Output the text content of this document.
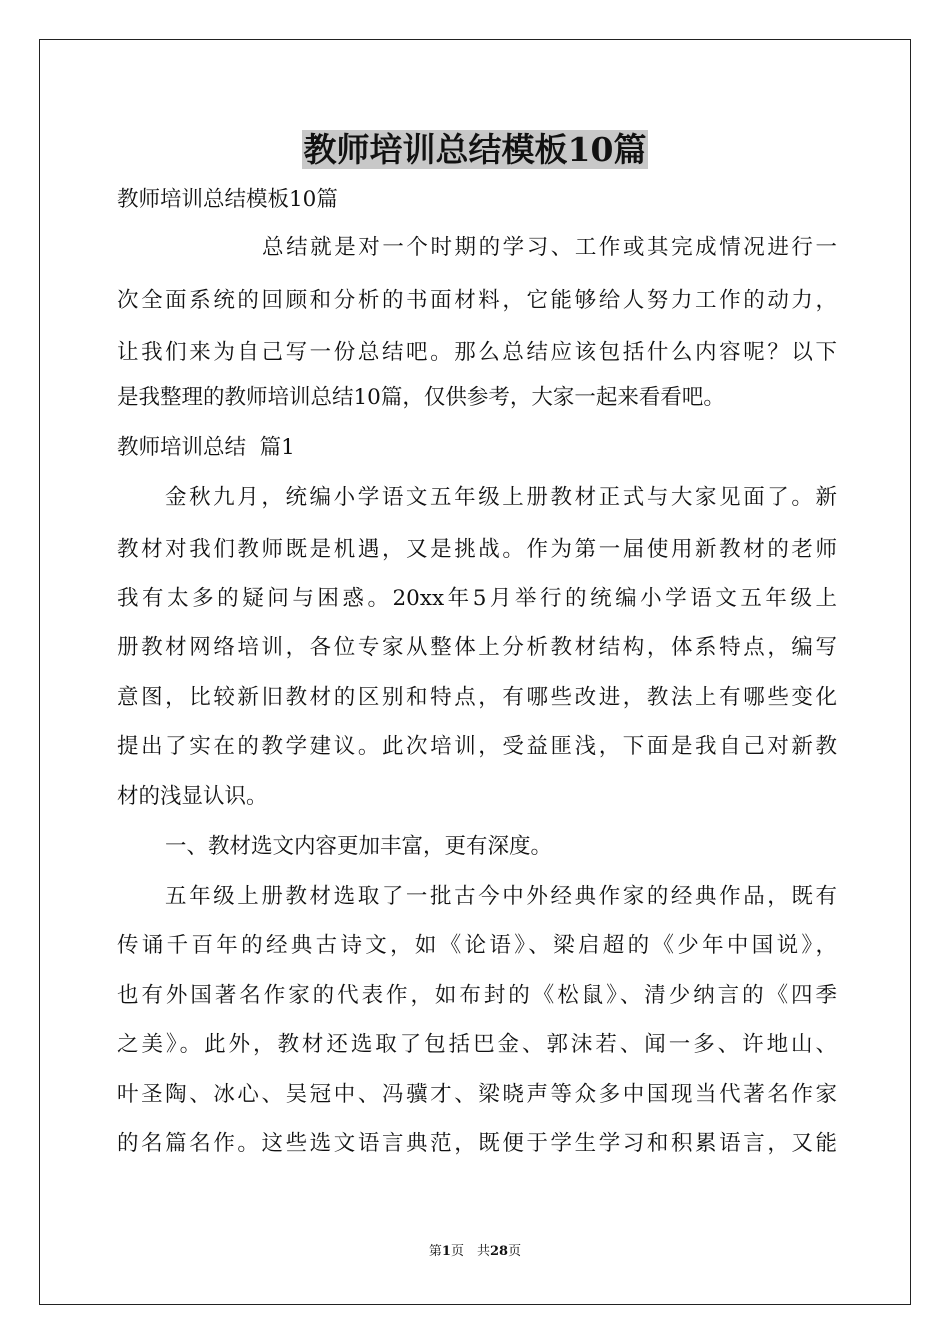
教师培训总结模板10篇

教师培训总结模板10篇

总结就是对一个时期的学习、工作或其完成情况进行一

次全面系统的回顾和分析的书面材料，它能够给人努力工作的动力，

让我们来为自己写一份总结吧。那么总结应该包括什么内容呢？以下

是我整理的教师培训总结10篇，仅供参考，大家一起来看看吧。

教师培训总结  篇1

金秋九月，统编小学语文五年级上册教材正式与大家见面了。新

教材对我们教师既是机遇，又是挑战。作为第一届使用新教材的老师

我有太多的疑问与困惑。20xx年5月举行的统编小学语文五年级上

册教材网络培训，各位专家从整体上分析教材结构，体系特点，编写

意图，比较新旧教材的区别和特点，有哪些改进，教法上有哪些变化

提出了实在的教学建议。此次培训，受益匪浅，下面是我自己对新教

材的浅显认识。

一、教材选文内容更加丰富，更有深度。

五年级上册教材选取了一批古今中外经典作家的经典作品，既有

传诵千百年的经典古诗文，如《论语》、梁启超的《少年中国说》，

也有外国著名作家的代表作，如布封的《松鼠》、清少纳言的《四季

之美》。此外，教材还选取了包括巴金、郭沫若、闻一多、许地山、

叶圣陶、冰心、吴冠中、冯骥才、梁晓声等众多中国现当代著名作家

的名篇名作。这些选文语言典范，既便于学生学习和积累语言，又能

第1页　共28页
